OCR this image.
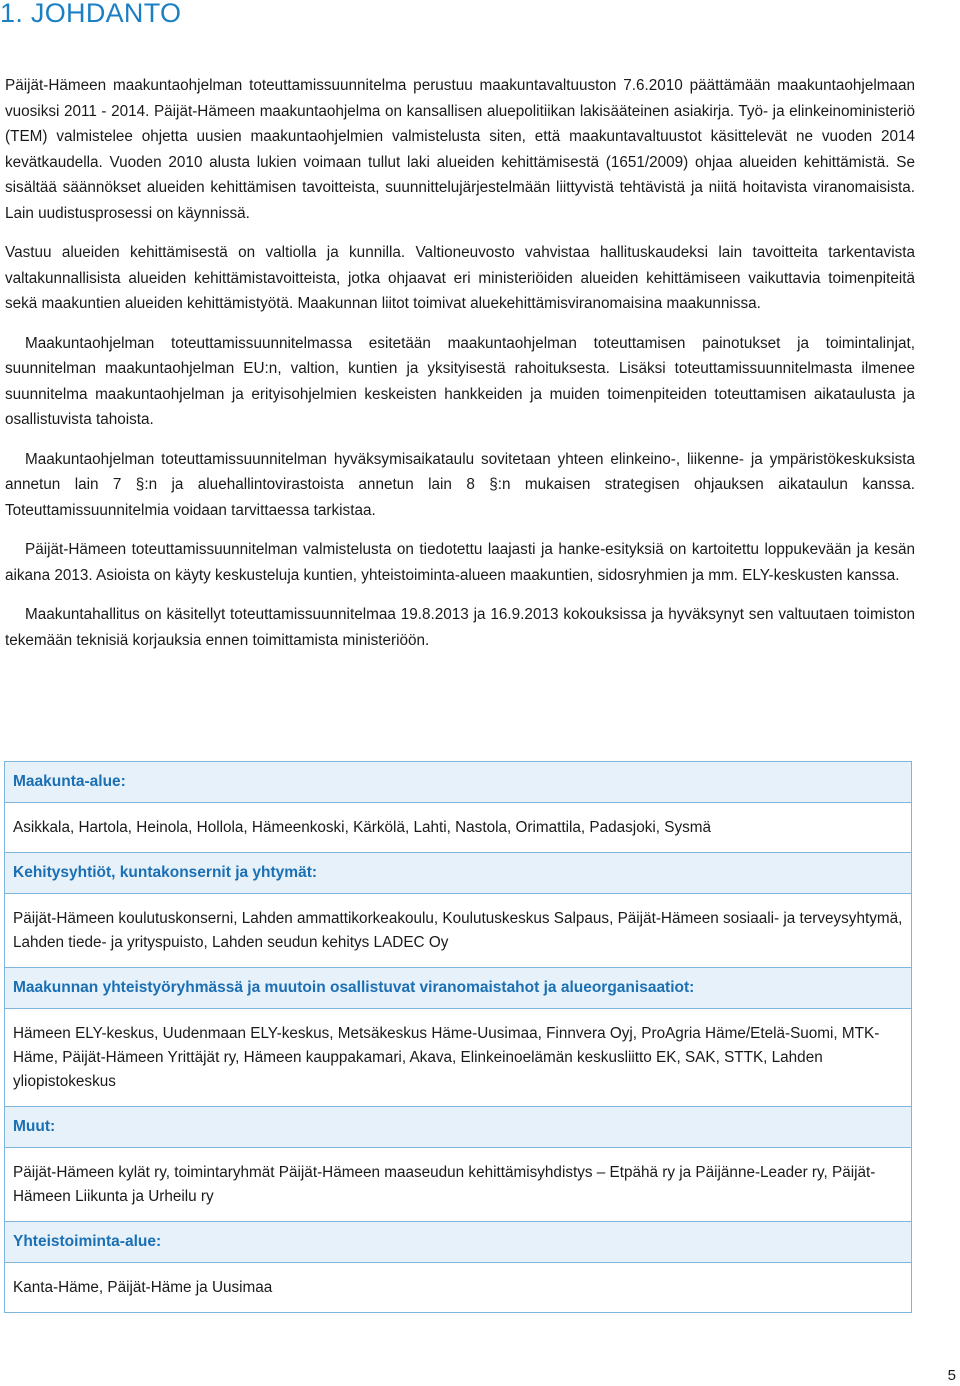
1. JOHDANTO

Päijät-Hämeen maakuntaohjelman toteuttamissuunnitelma perustuu maakuntavaltuuston 7.6.2010 päättämään maakuntaohjelmaan vuosiksi 2011 - 2014. Päijät-Hämeen maakuntaohjelma on kansallisen aluepolitiikan lakisääteinen asiakirja. Työ- ja elinkeinoministeriö (TEM) valmistelee ohjetta uusien maakuntaohjelmien valmistelusta siten, että maakuntavaltuustot käsittelevät ne vuoden 2014 kevätkaudella. Vuoden 2010 alusta lukien voimaan tullut laki alueiden kehittämisestä (1651/2009) ohjaa alueiden kehittämistä. Se sisältää säännökset alueiden kehittämisen tavoitteista, suunnittelujärjestelmään liittyvistä tehtävistä ja niitä hoitavista viranomaisista. Lain uudistusprosessi on käynnissä.

Vastuu alueiden kehittämisestä on valtiolla ja kunnilla. Valtioneuvosto vahvistaa hallituskaudeksi lain tavoitteita tarkentavista valtakunnallisista alueiden kehittämistavoitteista, jotka ohjaavat eri ministeriöiden alueiden kehittämiseen vaikuttavia toimenpiteitä sekä maakuntien alueiden kehittämistyötä. Maakunnan liitot toimivat aluekehittämisviranomaisina maakunnissa.

Maakuntaohjelman toteuttamissuunnitelmassa esitetään maakuntaohjelman toteuttamisen painotukset ja toimintalinjat, suunnitelman maakuntaohjelman EU:n, valtion, kuntien ja yksityisestä rahoituksesta. Lisäksi toteuttamissuunnitelmasta ilmenee suunnitelma maakuntaohjelman ja erityisohjelmien keskeisten hankkeiden ja muiden toimenpiteiden toteuttamisen aikataulusta ja osallistuvista tahoista.

Maakuntaohjelman toteuttamissuunnitelman hyväksymisaikataulu sovitetaan yhteen elinkeino-, liikenne- ja ympäristökeskuksista annetun lain 7 §:n ja aluehallintovirastoista annetun lain 8 §:n mukaisen strategisen ohjauksen aikataulun kanssa. Toteuttamissuunnitelmia voidaan tarvittaessa tarkistaa.

Päijät-Hämeen toteuttamissuunnitelman valmistelusta on tiedotettu laajasti ja hanke-esityksiä on kartoitettu loppukevään ja kesän aikana 2013. Asioista on käyty keskusteluja kuntien, yhteistoiminta-alueen maakuntien, sidosryhmien ja mm. ELY-keskusten kanssa.

Maakuntahallitus on käsitellyt toteuttamissuunnitelmaa 19.8.2013 ja 16.9.2013 kokouksissa ja hyväksynyt sen valtuutaen toimiston tekemään teknisiä korjauksia ennen toimittamista ministeriöön.

Maakunta-alue:
Asikkala, Hartola, Heinola, Hollola, Hämeenkoski, Kärkölä, Lahti, Nastola, Orimattila, Padasjoki, Sysmä
Kehitysyhtiöt, kuntakonsernit ja yhtymät:
Päijät-Hämeen koulutuskonserni, Lahden ammattikorkeakoulu, Koulutuskeskus Salpaus, Päijät-Hämeen sosiaali- ja terveysyhtymä, Lahden tiede- ja yrityspuisto, Lahden seudun kehitys LADEC Oy
Maakunnan yhteistyöryhmässä ja muutoin osallistuvat viranomaistahot ja alueorganisaatiot:
Hämeen ELY-keskus, Uudenmaan ELY-keskus, Metsäkeskus Häme-Uusimaa, Finnvera Oyj, ProAgria Häme/Etelä-Suomi, MTK-Häme, Päijät-Hämeen Yrittäjät ry, Hämeen kauppakamari, Akava, Elinkeinoelämän keskusliitto EK, SAK, STTK, Lahden yliopistokeskus
Muut:
Päijät-Hämeen kylät ry, toimintaryhmät Päijät-Hämeen maaseudun kehittämisyhdistys – Etpähä ry ja Päijänne-Leader ry, Päijät-Hämeen Liikunta ja Urheilu ry
Yhteistoiminta-alue:
Kanta-Häme, Päijät-Häme ja Uusimaa
5
